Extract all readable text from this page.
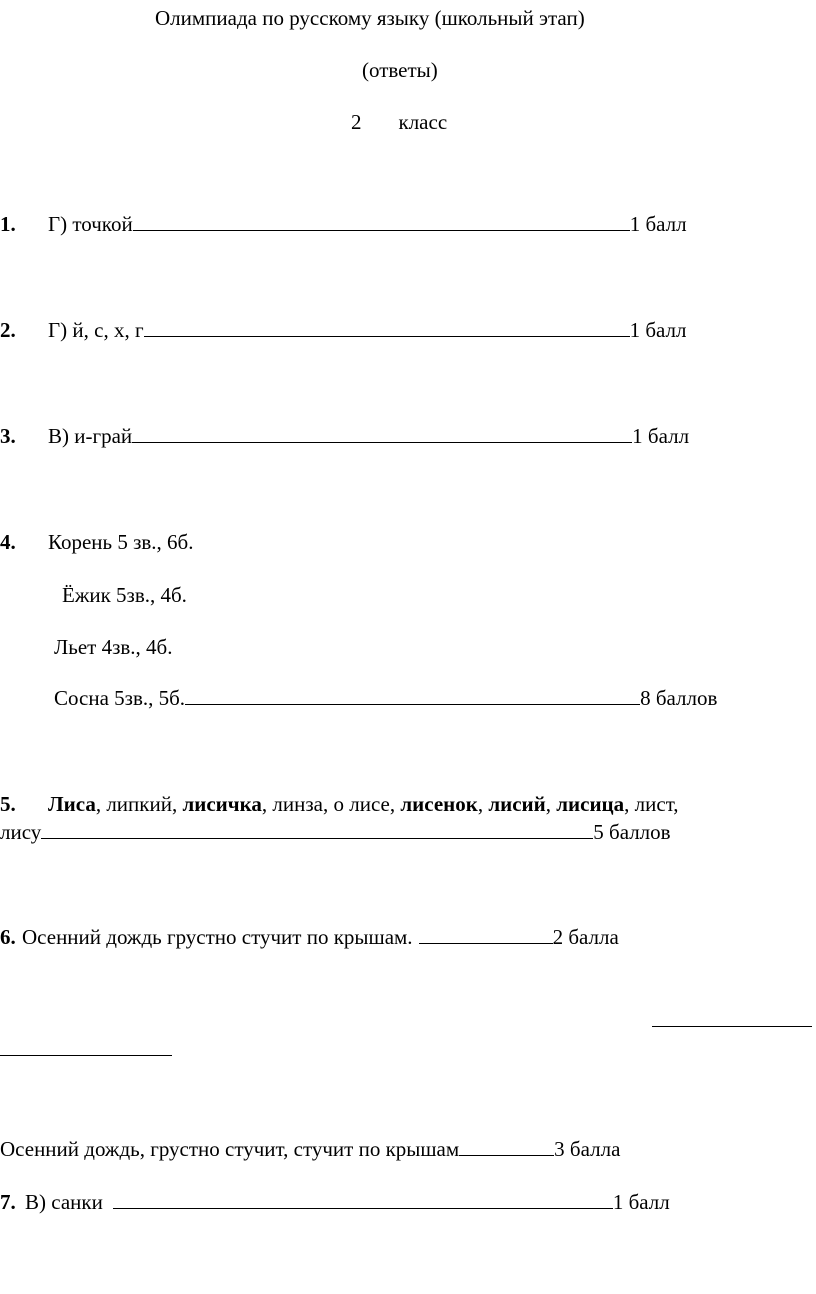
Олимпиада по русскому языку (школьный этап)
(ответы)
2 класс
1. Г) точкой	1 балл
2. Г) й, с, х, г	1 балл
3. В) и-грай	1 балл
4. Корень 5 зв., 6б.
Ёжик 5зв., 4б.
Льет 4зв., 4б.
Сосна 5зв., 5б.	8 баллов
5. Лиса, липкий, лисичка, линза, о лисе, лисенок, лисий, лисица, лист,
лису	5 баллов
6. Осенний дождь грустно стучит по крышам.	2 балла
Осенний дождь, грустно стучит, стучит по крышам	3 балла
7. В) санки	1 балл
